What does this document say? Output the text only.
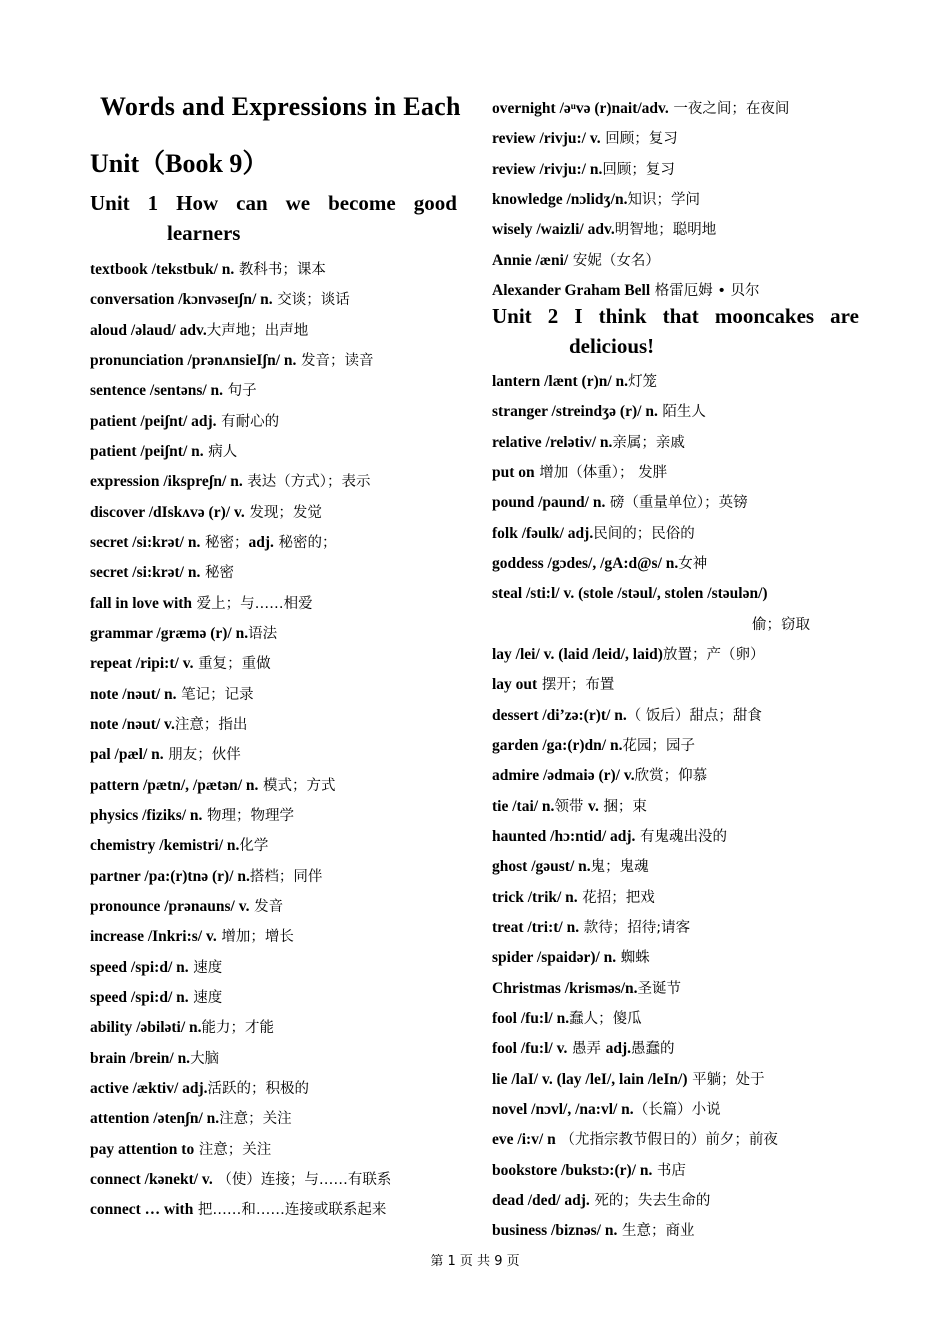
Words and Expressions in Each
Unit（Book 9）
Unit 1 How can we become good
learners
textbook /tekstbuk/ n. 教科书；课本
conversation /kɔnvəseɪʃn/ n. 交谈；谈话
aloud /əlaud/ adv.大声地；出声地
pronunciation /prənʌnsieIʃn/ n. 发音；读音
sentence /sentəns/ n. 句子
patient /peiʃnt/ adj. 有耐心的
patient /peiʃnt/ n. 病人
expression /ikspreʃn/ n. 表达（方式）；表示
discover /dIskʌvə (r)/ v. 发现；发觉
secret /si:krət/ n. 秘密；adj. 秘密的；
secret /si:krət/ n. 秘密
fall in love with 爱上；与……相爱
grammar /græmə (r)/ n.语法
repeat /ripi:t/ v. 重复；重做
note /nəut/ n. 笔记；记录
note /nəut/ v.注意；指出
pal /pæl/ n. 朋友；伙伴
pattern /pætn/, /pætən/ n. 模式；方式
physics /fiziks/ n. 物理；物理学
chemistry /kemistri/ n.化学
partner /pa:(r)tnə (r)/ n.搭档；同伴
pronounce /prənauns/ v. 发音
increase /Inkri:s/ v. 增加；增长
speed /spi:d/ n. 速度
speed /spi:d/ n. 速度
ability /əbiləti/ n.能力；才能
brain /brein/ n.大脑
active /æktiv/ adj.活跃的；积极的
attention /ətenʃn/ n.注意；关注
pay attention to 注意；关注
connect /kənekt/ v. （使）连接；与……有联系
connect … with 把……和……连接或联系起来
overnight /əᵘvə (r)nait/adv. 一夜之间；在夜间
review /rivju:/ v. 回顾；复习
review /rivju:/ n.回顾；复习
knowledge /nɔlidʒ/n.知识；学问
wisely /waizli/ adv.明智地；聪明地
Annie /æni/ 安妮（女名）
Alexander Graham Bell 格雷厄姆 • 贝尔
Unit 2 I think that mooncakes are
delicious!
lantern /lænt (r)n/ n.灯笼
stranger /streindʒə (r)/ n. 陌生人
relative /relətiv/ n.亲属；亲戚
put on 增加（体重）； 发胖
pound /paund/ n. 磅（重量单位）；英镑
folk /fəulk/ adj.民间的；民俗的
goddess /gɔdes/, /gA:d@s/ n.女神
steal /sti:l/ v. (stole /stəul/, stolen /stəulən/)
偷；窃取
lay /lei/ v. (laid /leid/, laid)放置；产（卵）
lay out 摆开；布置
dessert /di’zə:(r)t/ n.（ 饭后）甜点；甜食
garden /ga:(r)dn/ n.花园；园子
admire /ədmaiə (r)/ v.欣赏；仰慕
tie /tai/ n.领带 v. 捆；束
haunted /hɔ:ntid/ adj. 有鬼魂出没的
ghost /gəust/ n.鬼；鬼魂
trick /trik/ n. 花招；把戏
treat /tri:t/ n. 款待；招待;请客
spider /spaidər)/ n. 蜘蛛
Christmas /krisməs/n.圣诞节
fool /fu:l/ n.蠢人；傻瓜
fool /fu:l/ v. 愚弄 adj.愚蠢的
lie /laI/ v. (lay /leI/, lain /leIn/) 平躺；处于
novel /nɔvl/, /na:vl/ n.（长篇）小说
eve /i:v/ n （尤指宗教节假日的）前夕；前夜
bookstore /bukstɔ:(r)/ n. 书店
dead /ded/ adj. 死的；失去生命的
business /biznəs/ n. 生意；商业
第 1 页 共 9 页
